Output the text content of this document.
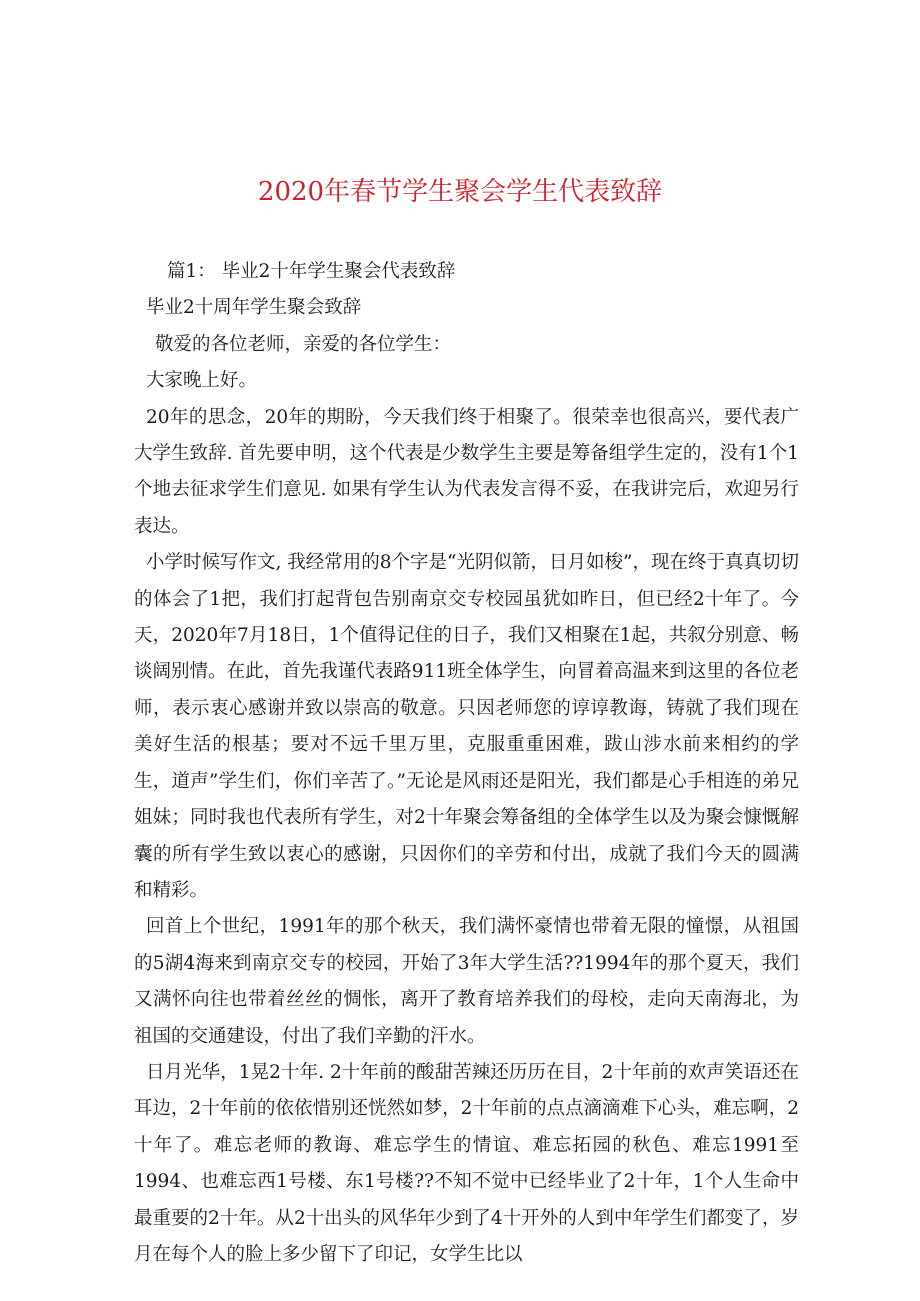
2020年春节学生聚会学生代表致辞

篇1： 毕业2十年学生聚会代表致辞

毕业2十周年学生聚会致辞

敬爱的各位老师，亲爱的各位学生：

大家晚上好。

20年的思念，20年的期盼，今天我们终于相聚了。很荣幸也很高兴，要代表广大学生致辞. 首先要申明，这个代表是少数学生主要是筹备组学生定的，没有1个1个地去征求学生们意见. 如果有学生认为代表发言得不妥，在我讲完后，欢迎另行表达。

小学时候写作文, 我经常用的8个字是“光阴似箭，日月如梭”，现在终于真真切切的体会了1把，我们打起背包告别南京交专校园虽犹如昨日，但已经2十年了。今天，2020年7月18日，1个值得记住的日子，我们又相聚在1起，共叙分别意、畅谈阔别情。在此，首先我谨代表路911班全体学生，向冒着高温来到这里的各位老师，表示衷心感谢并致以崇高的敬意。只因老师您的谆谆教诲，铸就了我们现在美好生活的根基；要对不远千里万里，克服重重困难，跋山涉水前来相约的学生，道声”学生们，你们辛苦了。”无论是风雨还是阳光，我们都是心手相连的弟兄姐妹；同时我也代表所有学生，对2十年聚会筹备组的全体学生以及为聚会慷慨解囊的所有学生致以衷心的感谢，只因你们的辛劳和付出，成就了我们今天的圆满和精彩。

回首上个世纪，1991年的那个秋天，我们满怀豪情也带着无限的憧憬，从祖国的5湖4海来到南京交专的校园，开始了3年大学生活??1994年的那个夏天，我们又满怀向往也带着丝丝的惆怅，离开了教育培养我们的母校，走向天南海北，为祖国的交通建设，付出了我们辛勤的汗水。

日月光华，1晃2十年. 2十年前的酸甜苦辣还历历在目，2十年前的欢声笑语还在耳边，2十年前的依依惜别还恍然如梦，2十年前的点点滴滴难下心头，难忘啊，2十年了。难忘老师的教诲、难忘学生的情谊、难忘拓园的秋色、难忘1991至1994、也难忘西1号楼、东1号楼??不知不觉中已经毕业了2十年，1个人生命中最重要的2十年。从2十出头的风华年少到了4十开外的人到中年学生们都变了，岁月在每个人的脸上多少留下了印记，女学生比以
